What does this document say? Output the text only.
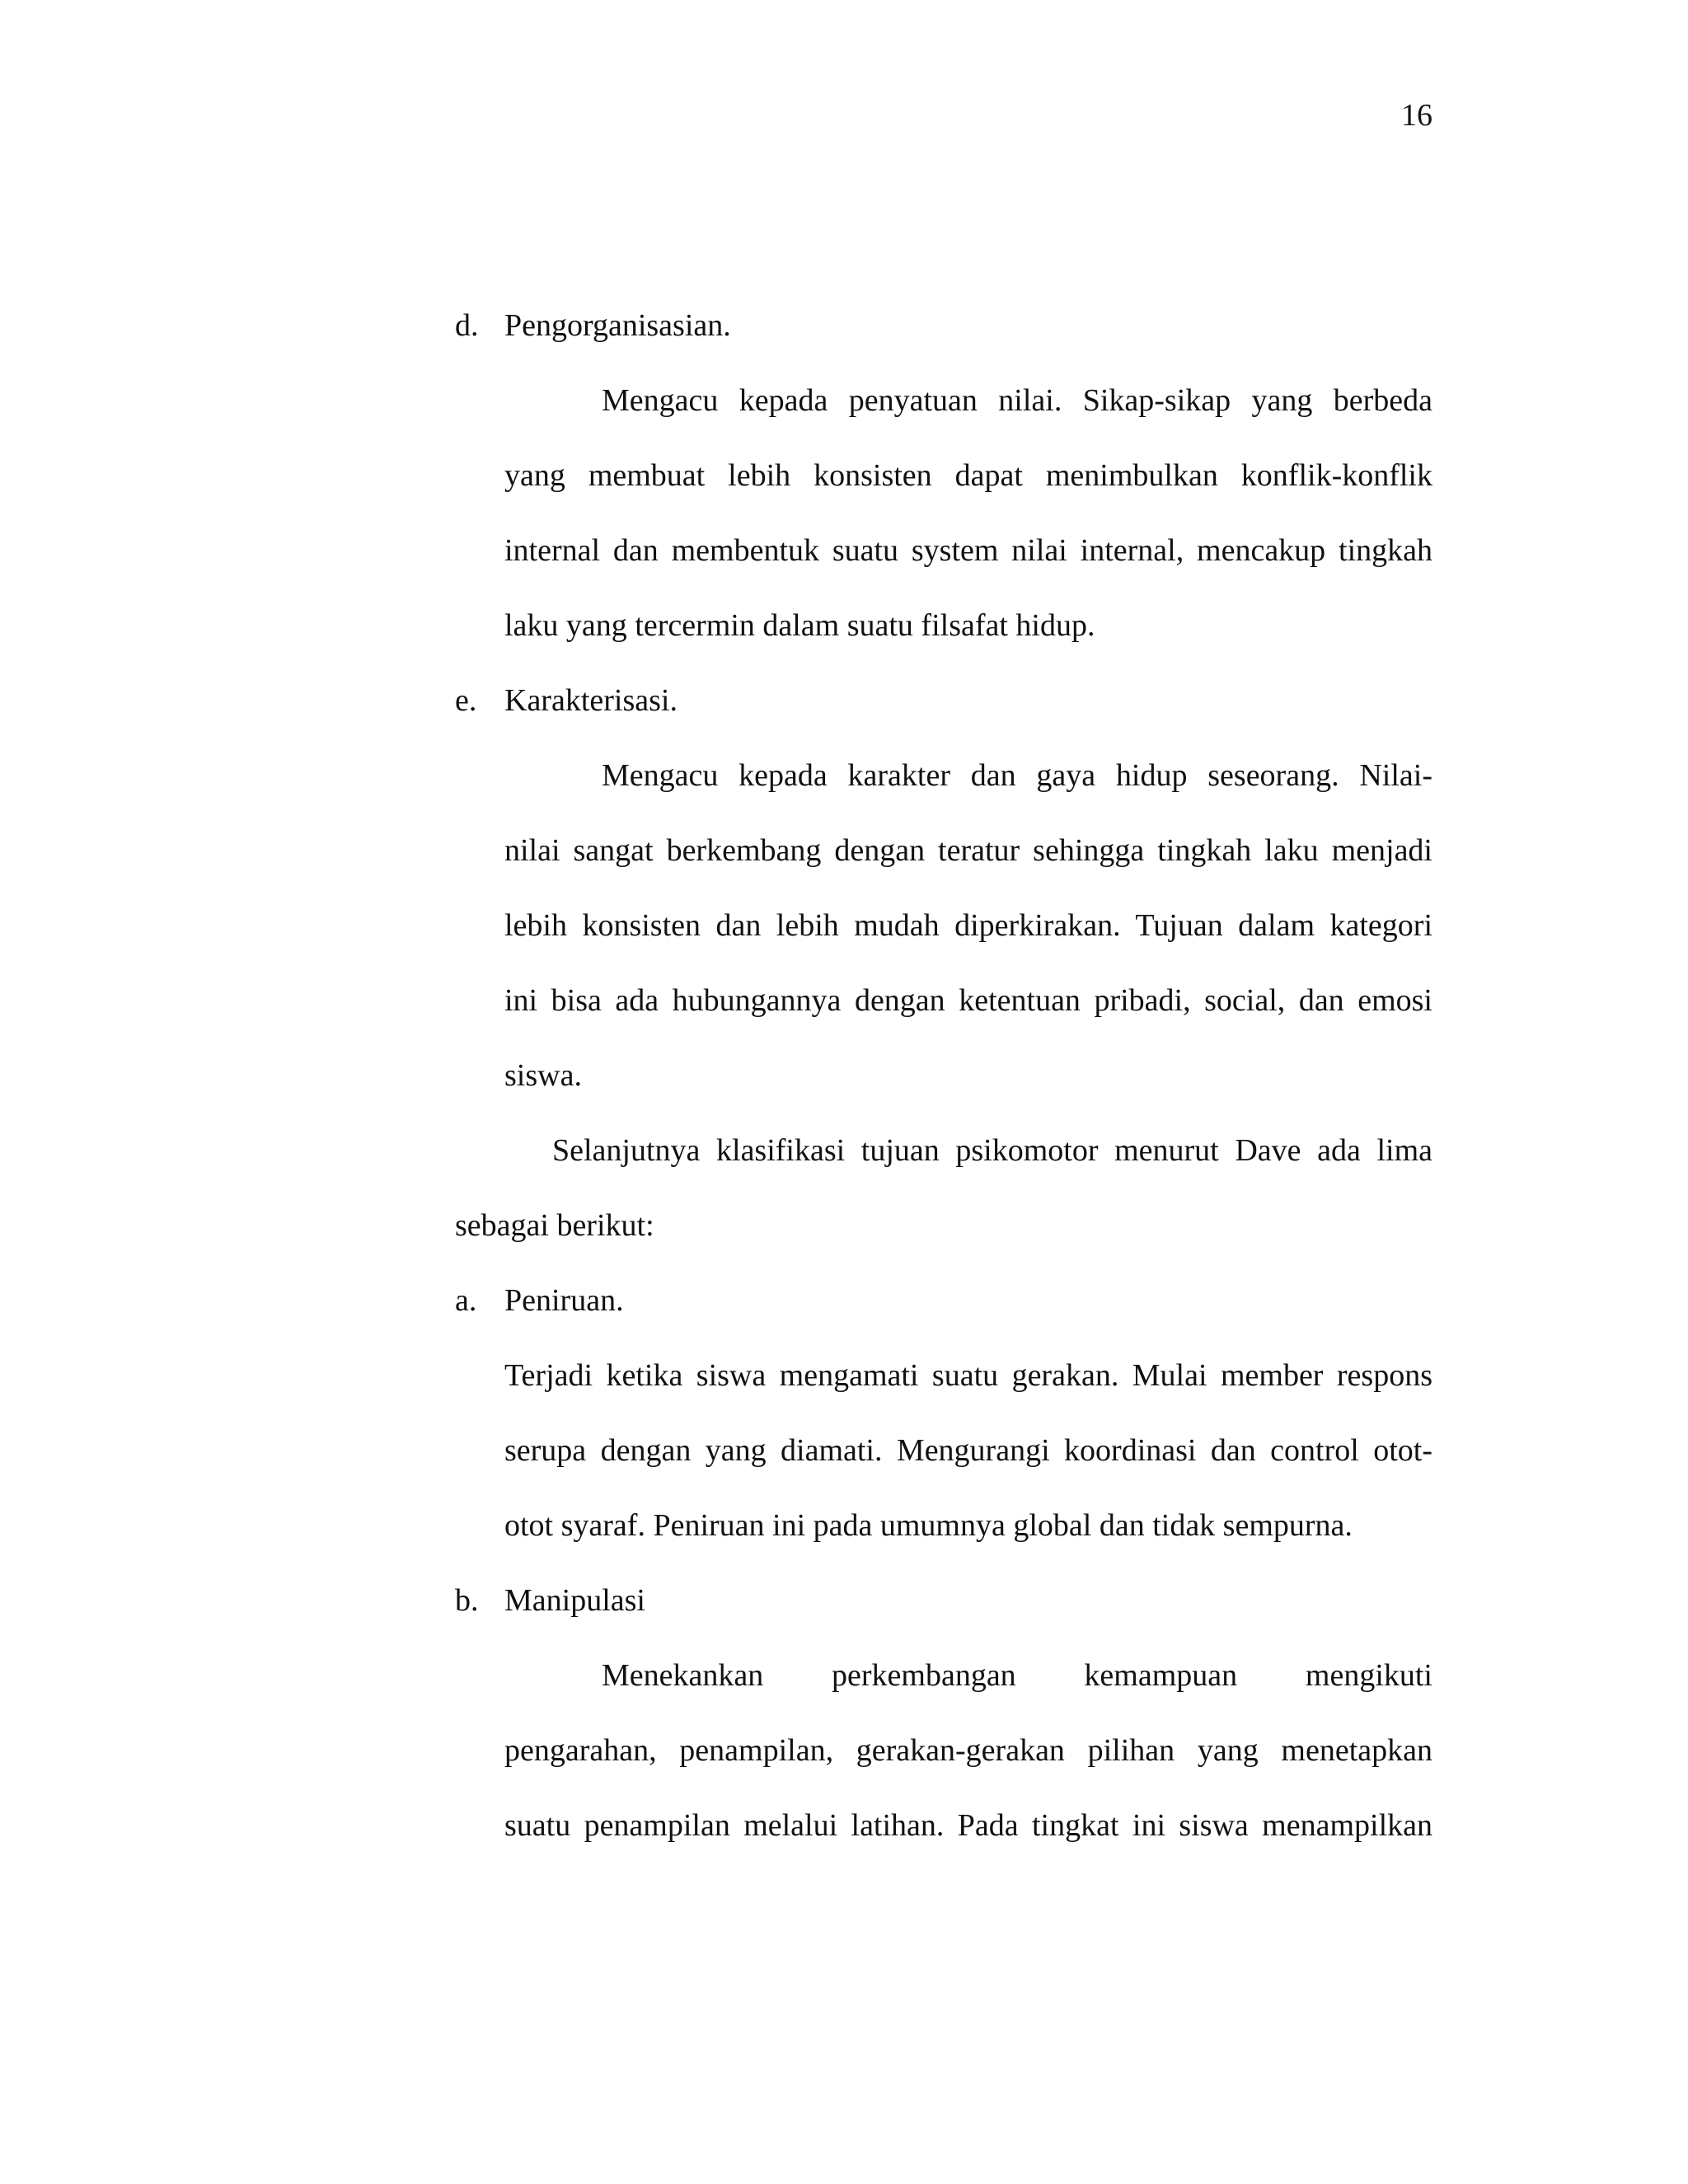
16
d. Pengorganisasian.
Mengacu kepada penyatuan nilai. Sikap-sikap yang berbeda
yang membuat lebih konsisten dapat menimbulkan konflik-konflik
internal dan membentuk suatu system nilai internal, mencakup tingkah
laku yang tercermin dalam suatu filsafat hidup.
e. Karakterisasi.
Mengacu kepada karakter dan gaya hidup seseorang. Nilai-
nilai sangat berkembang dengan teratur sehingga tingkah laku menjadi
lebih konsisten dan lebih mudah diperkirakan. Tujuan dalam kategori
ini bisa ada hubungannya dengan ketentuan pribadi, social, dan emosi
siswa.
Selanjutnya klasifikasi tujuan psikomotor menurut Dave ada lima
sebagai berikut:
a. Peniruan.
Terjadi ketika siswa mengamati suatu gerakan. Mulai member respons
serupa dengan yang diamati. Mengurangi koordinasi dan control otot-
otot syaraf. Peniruan ini pada umumnya global dan tidak sempurna.
b. Manipulasi
Menekankan perkembangan kemampuan mengikuti
pengarahan, penampilan, gerakan-gerakan pilihan yang menetapkan
suatu penampilan melalui latihan. Pada tingkat ini siswa menampilkan
